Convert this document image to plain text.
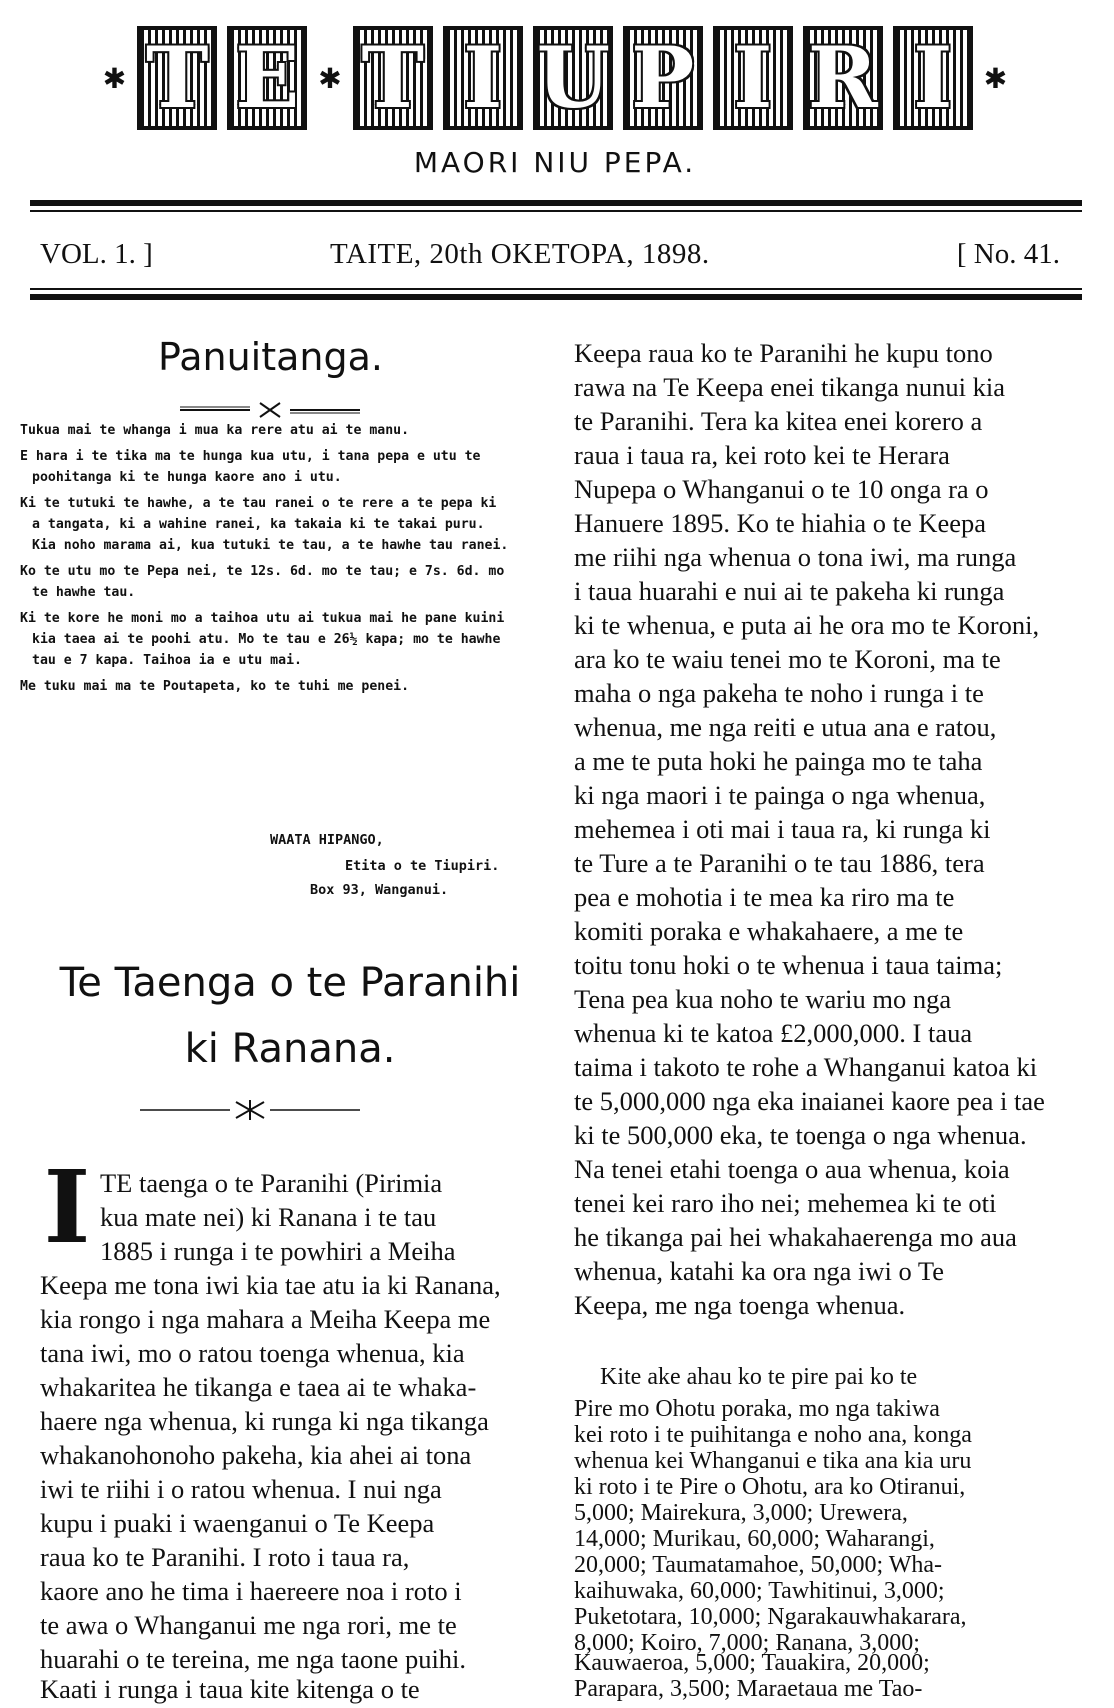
✱ T E ✱ T I U P I R I	✱
MAORI NIU PEPA.
VOL. 1. ]	TAITE, 20th OKETOPA, 1898.	[ No. 41.
Panuitanga.

Tukua mai te whanga i mua ka rere atu ai te manu.

E hara i te tika ma te hunga kua utu, i tana pepa e utu te poohitanga ki te hunga kaore ano i utu.

Ki te tutuki te hawhe, a te tau ranei o te rere a te pepa ki a tangata, ki a wahine ranei, ka takaia ki te takai puru. Kia noho marama ai, kua tutuki te tau, a te hawhe tau ranei.

Ko te utu mo te Pepa nei, te 12s. 6d. mo te tau; e 7s. 6d. mo te hawhe tau.

Ki te kore he moni mo a taihoa utu ai tukua mai he pane kuini kia taea ai te poohi atu. Mo te tau e 26½ kapa; mo te hawhe tau e 7 kapa. Taihoa ia e utu mai.

Me tuku mai ma te Poutapeta, ko te tuhi me penei.

WAATA HIPANGO,
Etita o te Tiupiri.
Box 93, Wanganui.
Te Taenga o te Paranihi
ki Ranana.
I TE taenga o te Paranihi (Pirimia
kua mate nei) ki Ranana i te tau
1885 i runga i te powhiri a Meiha
Keepa me tona iwi kia tae atu ia ki Ranana,
kia rongo i nga mahara a Meiha Keepa me
tana iwi, mo o ratou toenga whenua, kia
whakaritea he tikanga e taea ai te whaka-
haere nga whenua, ki runga ki nga tikanga
whakanohonoho pakeha, kia ahei ai tona
iwi te riihi i o ratou whenua. I nui nga
kupu i puaki i waenganui o Te Keepa
raua ko te Paranihi. I roto i taua ra,
kaore ano he tima i haereere noa i roto i
te awa o Whanganui me nga rori, me te
huarahi o te tereina, me nga taone puihi.
Kaati i runga i taua kite kitenga o te
Keepa raua ko te Paranihi he kupu tono
rawa na Te Keepa enei tikanga nunui kia
te Paranihi. Tera ka kitea enei korero a
raua i taua ra, kei roto kei te Herara
Nupepa o Whanganui o te 10 onga ra o
Hanuere 1895. Ko te hiahia o te Keepa
me riihi nga whenua o tona iwi, ma runga
i taua huarahi e nui ai te pakeha ki runga
ki te whenua, e puta ai he ora mo te Koroni,
ara ko te waiu tenei mo te Koroni, ma te
maha o nga pakeha te noho i runga i te
whenua, me nga reiti e utua ana e ratou,
a me te puta hoki he painga mo te taha
ki nga maori i te painga o nga whenua,
mehemea i oti mai i taua ra, ki runga ki
te Ture a te Paranihi o te tau 1886, tera
pea e mohotia i te mea ka riro ma te
komiti poraka e whakahaere, a me te
toitu tonu hoki o te whenua i taua taima;
Tena pea kua noho te wariu mo nga
whenua ki te katoa £2,000,000. I taua
taima i takoto te rohe a Whanganui katoa ki
te 5,000,000 nga eka inaianei kaore pea i tae
ki te 500,000 eka, te toenga o nga whenua.
Na tenei etahi toenga o aua whenua, koia
tenei kei raro iho nei; mehemea ki te oti
he tikanga pai hei whakahaerenga mo aua
whenua, katahi ka ora nga iwi o Te
Keepa, me nga toenga whenua.
Kite ake ahau ko te pire pai ko te
Pire mo Ohotu poraka, mo nga takiwa
kei roto i te puihitanga e noho ana, konga
whenua kei Whanganui e tika ana kia uru
ki roto i te Pire o Ohotu, ara ko Otiranui,
5,000; Mairekura, 3,000; Urewera,
14,000; Murikau, 60,000; Waharangi,
20,000; Taumatamahoe, 50,000; Wha-
kaihuwaka, 60,000; Tawhitinui, 3,000;
Puketotara, 10,000; Ngarakauwhakarara,
8,000; Koiro, 7,000; Ranana, 3,000;
Kauwaeroa, 5,000; Tauakira, 20,000;
Parapara, 3,500; Maraetaua me Tao-
